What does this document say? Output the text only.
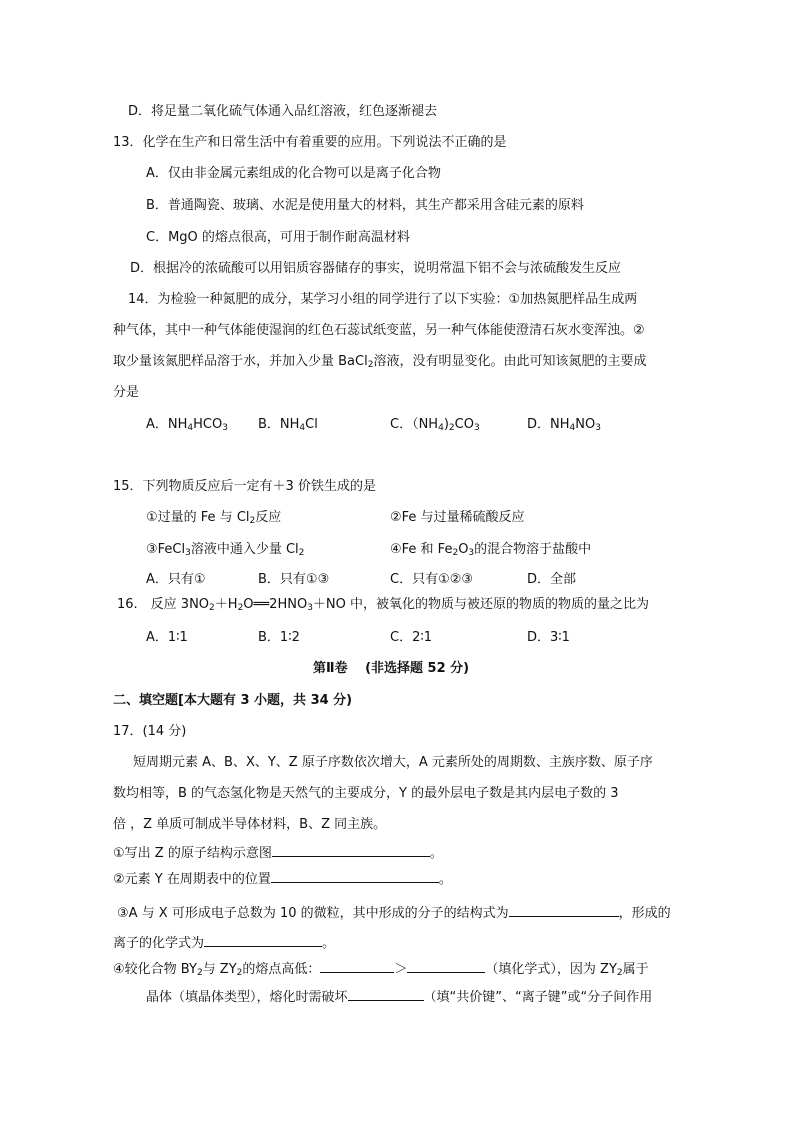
D．将足量二氧化硫气体通入品红溶液，红色逐渐褪去
13．化学在生产和日常生活中有着重要的应用。下列说法不正确的是
A．仅由非金属元素组成的化合物可以是离子化合物
B．普通陶瓷、玻璃、水泥是使用量大的材料，其生产都采用含硅元素的原料
C．MgO 的熔点很高，可用于制作耐高温材料
D．根据冷的浓硫酸可以用铝质容器储存的事实，说明常温下铝不会与浓硫酸发生反应
14．为检验一种氮肥的成分，某学习小组的同学进行了以下实验：①加热氮肥样品生成两
种气体，其中一种气体能使湿润的红色石蕊试纸变蓝，另一种气体能使澄清石灰水变浑浊。②
取少量该氮肥样品溶于水，并加入少量 BaCl$_2$溶液，没有明显变化。由此可知该氮肥的主要成
分是
A．$NH_4HCO_3$ B．$NH_4Cl$	C．$(NH_4)_2CO_3$	D．$NH_4NO_3$
15．下列物质反应后一定有＋3 价铁生成的是
①过量的 Fe 与 $Cl_2$反应	②Fe 与过量稀硫酸反应
③FeCl$_3$溶液中通入少量 $Cl_2$	④Fe 和 $Fe_2O_3$的混合物溶于盐酸中
A．只有①	B．只有①③	C．只有①②③	D．全部
16.　反应 $3NO_2+H_2O══2HNO_3+NO$ 中，被氧化的物质与被还原的物质的物质的量之比为
A．1∶1	B．1∶2	C．2∶1	D．3∶1
第Ⅱ卷　 (非选择题 52 分)
二、填空题[本大题有 3 小题，共 34 分)
17．(14 分)
短周期元素 A、B、X、Y、Z 原子序数依次增大，A 元素所处的周期数、主族序数、原子序
数均相等，B 的气态氢化物是天然气的主要成分，Y 的最外层电子数是其内层电子数的 3
倍 ，Z 单质可制成半导体材料，B、Z 同主族。
①写出 Z 的原子结构示意图	。
②元素 Y 在周期表中的位置	。
③A 与 X 可形成电子总数为 10 的微粒，其中形成的分子的结构式为	，形成的
离子的化学式为	。
④较化合物 $BY_2$与 $ZY_2$的熔点高低：	＞	（填化学式），因为 $ZY_2$属于
晶体（填晶体类型），熔化时需破坏	（填“共价键”、“离子键”或“分子间作用
